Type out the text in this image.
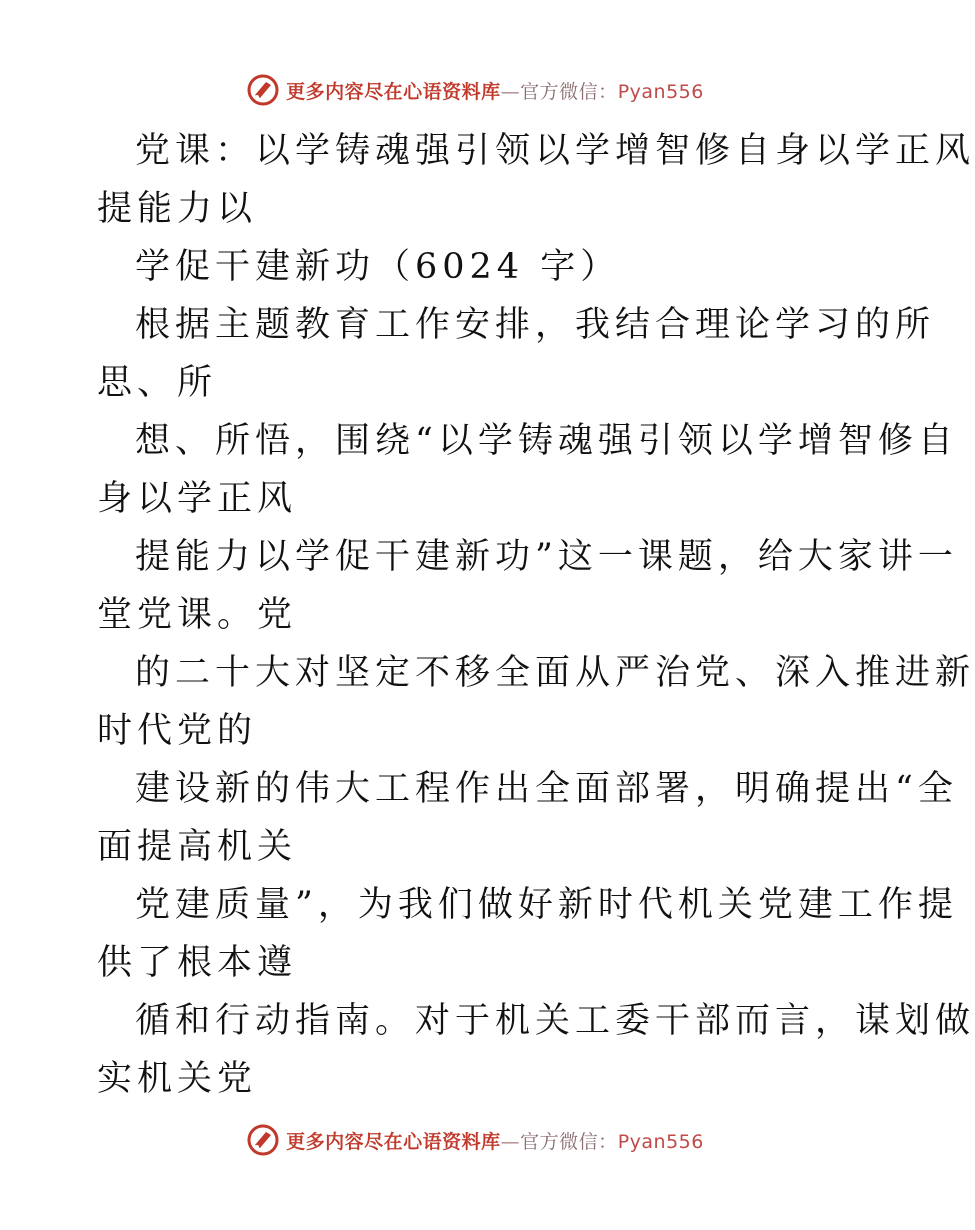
更多内容尽在心语资料库—官方微信：Pyan556
党课：以学铸魂强引领以学增智修自身以学正风
提能力以
学促干建新功（6024 字）
根据主题教育工作安排，我结合理论学习的所
思、所
想、所悟，围绕“以学铸魂强引领以学增智修自
身以学正风
提能力以学促干建新功”这一课题，给大家讲一
堂党课。党
的二十大对坚定不移全面从严治党、深入推进新
时代党的
建设新的伟大工程作出全面部署，明确提出“全
面提高机关
党建质量”，为我们做好新时代机关党建工作提
供了根本遵
循和行动指南。对于机关工委干部而言，谋划做
实机关党
更多内容尽在心语资料库—官方微信：Pyan556
